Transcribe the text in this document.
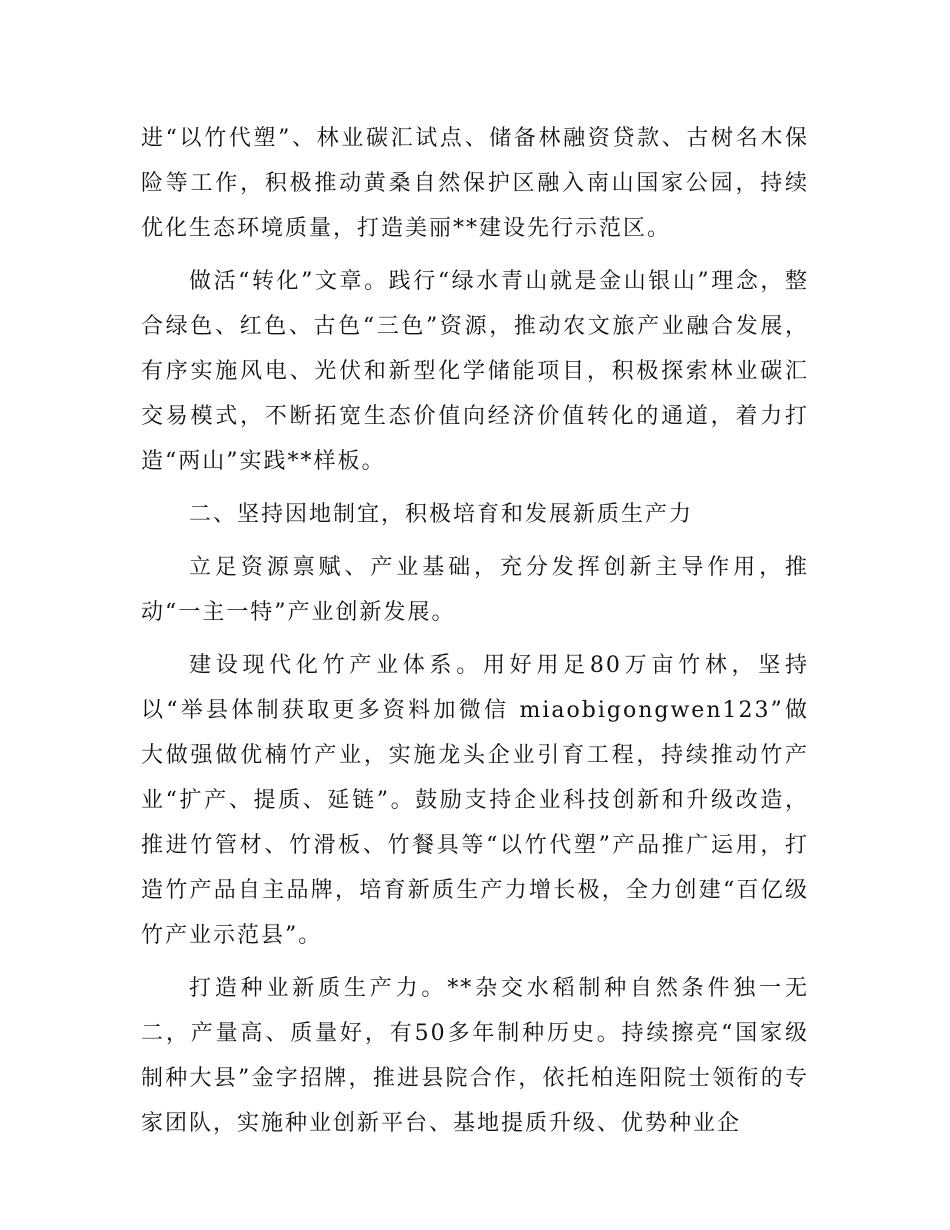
进“以竹代塑”、林业碳汇试点、储备林融资贷款、古树名木保险等工作，积极推动黄桑自然保护区融入南山国家公园，持续优化生态环境质量，打造美丽**建设先行示范区。

做活“转化”文章。践行“绿水青山就是金山银山”理念，整合绿色、红色、古色“三色”资源，推动农文旅产业融合发展，有序实施风电、光伏和新型化学储能项目，积极探索林业碳汇交易模式，不断拓宽生态价值向经济价值转化的通道，着力打造“两山”实践**样板。

二、坚持因地制宜，积极培育和发展新质生产力

立足资源禀赋、产业基础，充分发挥创新主导作用，推动“一主一特”产业创新发展。

建设现代化竹产业体系。用好用足80万亩竹林，坚持以“举县体制获取更多资料加微信 miaobigongwen123”做大做强做优楠竹产业，实施龙头企业引育工程，持续推动竹产业“扩产、提质、延链”。鼓励支持企业科技创新和升级改造，推进竹管材、竹滑板、竹餐具等“以竹代塑”产品推广运用，打造竹产品自主品牌，培育新质生产力增长极，全力创建“百亿级竹产业示范县”。

打造种业新质生产力。**杂交水稻制种自然条件独一无二，产量高、质量好，有50多年制种历史。持续擦亮“国家级制种大县”金字招牌，推进县院合作，依托柏连阳院士领衔的专家团队，实施种业创新平台、基地提质升级、优势种业企
